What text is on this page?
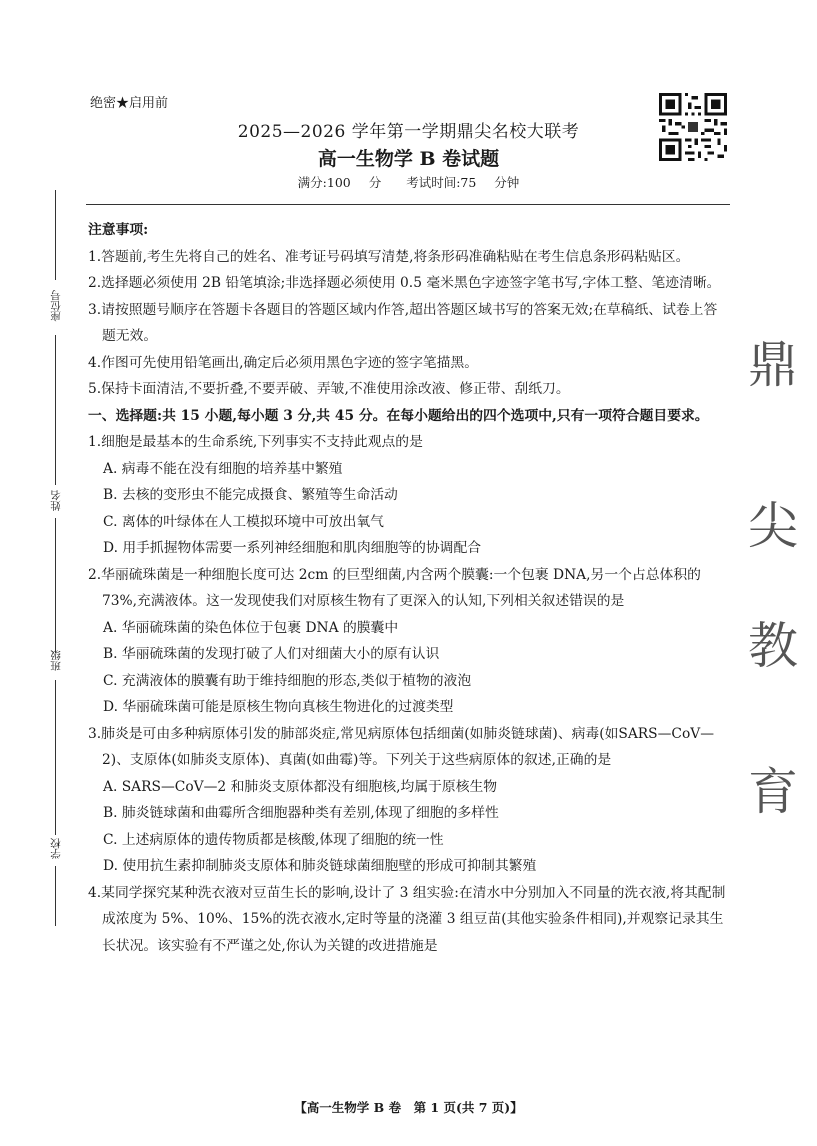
绝密★启用前
2025—2026 学年第一学期鼎尖名校大联考
高一生物学 B 卷试题
满分:100 分　　考试时间:75 分钟
座位号
姓名
班级
学校
鼎
尖
教
育

注意事项:

1.答题前,考生先将自己的姓名、准考证号码填写清楚,将条形码准确粘贴在考生信息条形码粘贴区。

2.选择题必须使用 2B 铅笔填涂;非选择题必须使用 0.5 毫米黑色字迹签字笔书写,字体工整、笔迹清晰。

3.请按照题号顺序在答题卡各题目的答题区域内作答,超出答题区域书写的答案无效;在草稿纸、试卷上答题无效。

4.作图可先使用铅笔画出,确定后必须用黑色字迹的签字笔描黑。

5.保持卡面清洁,不要折叠,不要弄破、弄皱,不准使用涂改液、修正带、刮纸刀。

一、选择题:共 15 小题,每小题 3 分,共 45 分。在每小题给出的四个选项中,只有一项符合题目要求。

1.细胞是最基本的生命系统,下列事实不支持此观点的是

A. 病毒不能在没有细胞的培养基中繁殖

B. 去核的变形虫不能完成摄食、繁殖等生命活动

C. 离体的叶绿体在人工模拟环境中可放出氧气

D. 用手抓握物体需要一系列神经细胞和肌肉细胞等的协调配合

2.华丽硫珠菌是一种细胞长度可达 2cm 的巨型细菌,内含两个膜囊:一个包裹 DNA,另一个占总体积的 73%,充满液体。这一发现使我们对原核生物有了更深入的认知,下列相关叙述错误的是

A. 华丽硫珠菌的染色体位于包裹 DNA 的膜囊中

B. 华丽硫珠菌的发现打破了人们对细菌大小的原有认识

C. 充满液体的膜囊有助于维持细胞的形态,类似于植物的液泡

D. 华丽硫珠菌可能是原核生物向真核生物进化的过渡类型

3.肺炎是可由多种病原体引发的肺部炎症,常见病原体包括细菌(如肺炎链球菌)、病毒(如SARS—CoV—2)、支原体(如肺炎支原体)、真菌(如曲霉)等。下列关于这些病原体的叙述,正确的是

A. SARS—CoV—2 和肺炎支原体都没有细胞核,均属于原核生物

B. 肺炎链球菌和曲霉所含细胞器种类有差别,体现了细胞的多样性

C. 上述病原体的遗传物质都是核酸,体现了细胞的统一性

D. 使用抗生素抑制肺炎支原体和肺炎链球菌细胞壁的形成可抑制其繁殖

4.某同学探究某种洗衣液对豆苗生长的影响,设计了 3 组实验:在清水中分别加入不同量的洗衣液,将其配制成浓度为 5%、10%、15%的洗衣液水,定时等量的浇灌 3 组豆苗(其他实验条件相同),并观察记录其生长状况。该实验有不严谨之处,你认为关键的改进措施是

【高一生物学 B 卷　第 1 页(共 7 页)】
